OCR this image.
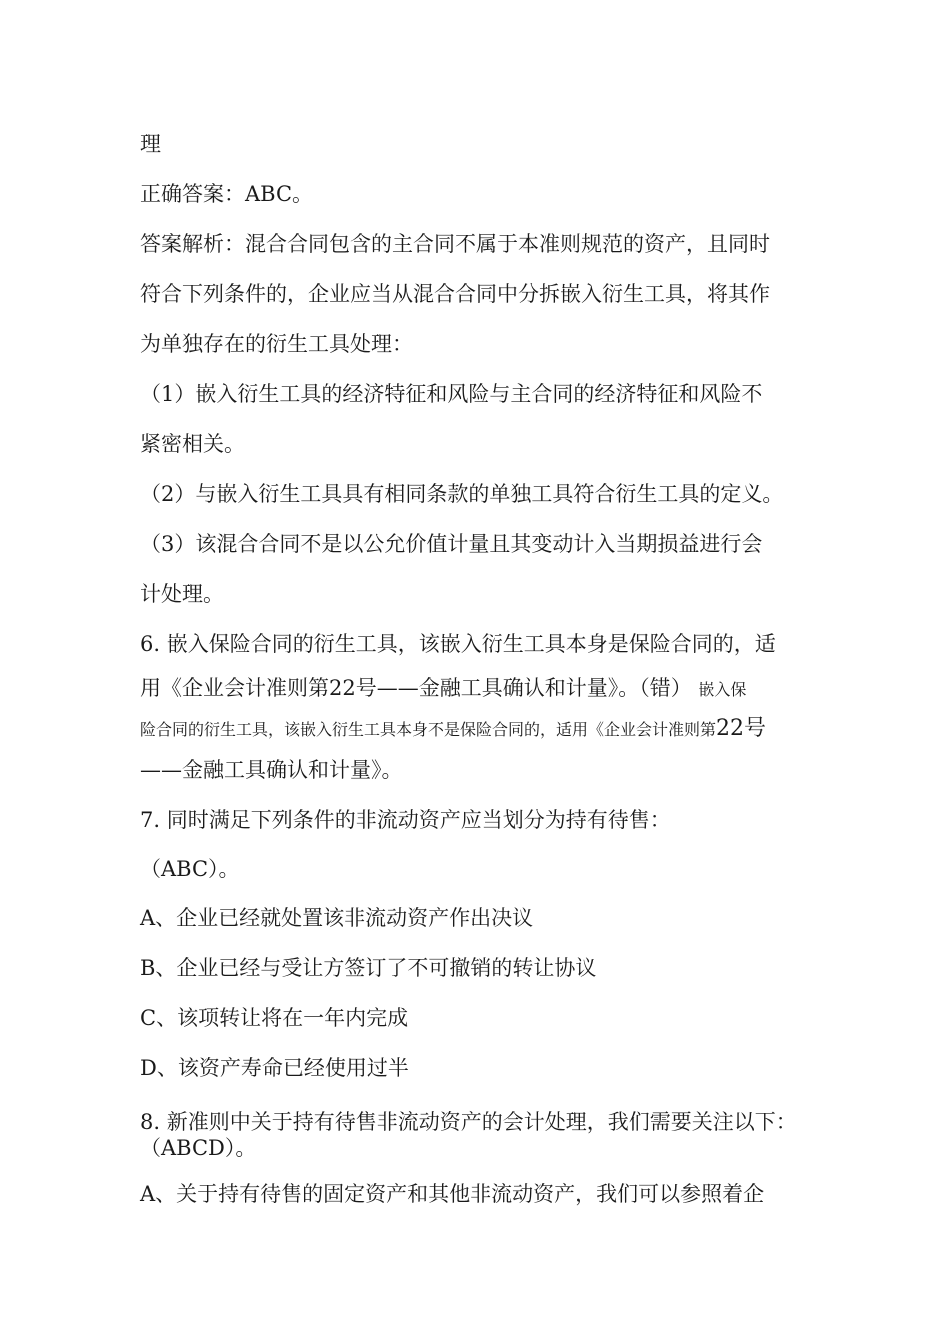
理
正确答案：ABC。
答案解析：混合合同包含的主合同不属于本准则规范的资产，且同时
符合下列条件的，企业应当从混合合同中分拆嵌入衍生工具，将其作
为单独存在的衍生工具处理：
（1）嵌入衍生工具的经济特征和风险与主合同的经济特征和风险不
紧密相关。
（2）与嵌入衍生工具具有相同条款的单独工具符合衍生工具的定义。
（3）该混合合同不是以公允价值计量且其变动计入当期损益进行会
计处理。
6. 嵌入保险合同的衍生工具，该嵌入衍生工具本身是保险合同的，适
用《企业会计准则第22号——金融工具确认和计量》。（错） 嵌入保
险合同的衍生工具，该嵌入衍生工具本身不是保险合同的，适用《企业会计准则第22号
——金融工具确认和计量》。
7. 同时满足下列条件的非流动资产应当划分为持有待售：
（ABC）。
A、企业已经就处置该非流动资产作出决议
B、企业已经与受让方签订了不可撤销的转让协议
C、该项转让将在一年内完成
D、该资产寿命已经使用过半
8. 新准则中关于持有待售非流动资产的会计处理，我们需要关注以下：
（ABCD）。
A、关于持有待售的固定资产和其他非流动资产，我们可以参照着企
